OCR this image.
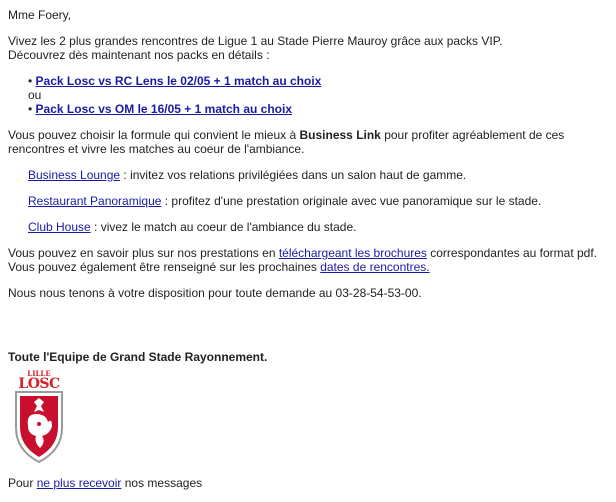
Mme Foery,
Vivez les 2 plus grandes rencontres de Ligue 1 au Stade Pierre Mauroy grâce aux packs VIP.
Découvrez dès maintenant nos packs en détails :
• Pack Losc vs RC Lens le 02/05 + 1 match au choix
ou
• Pack Losc vs OM le 16/05 + 1 match au choix
Vous pouvez choisir la formule qui convient le mieux à Business Link pour profiter agréablement de ces
rencontres et vivre les matches au coeur de l'ambiance.
Business Lounge : invitez vos relations privilégiées dans un salon haut de gamme.
Restaurant Panoramique : profitez d'une prestation originale avec vue panoramique sur le stade.
Club House : vivez le match au coeur de l'ambiance du stade.
Vous pouvez en savoir plus sur nos prestations en téléchargeant les brochures correspondantes au format pdf.
Vous pouvez également être renseigné sur les prochaines dates de rencontres.
Nous nous tenons à votre disposition pour toute demande au 03-28-54-53-00.
Toute l'Equipe de Grand Stade Rayonnement.
LILLE
LOSC
Pour ne plus recevoir nos messages
